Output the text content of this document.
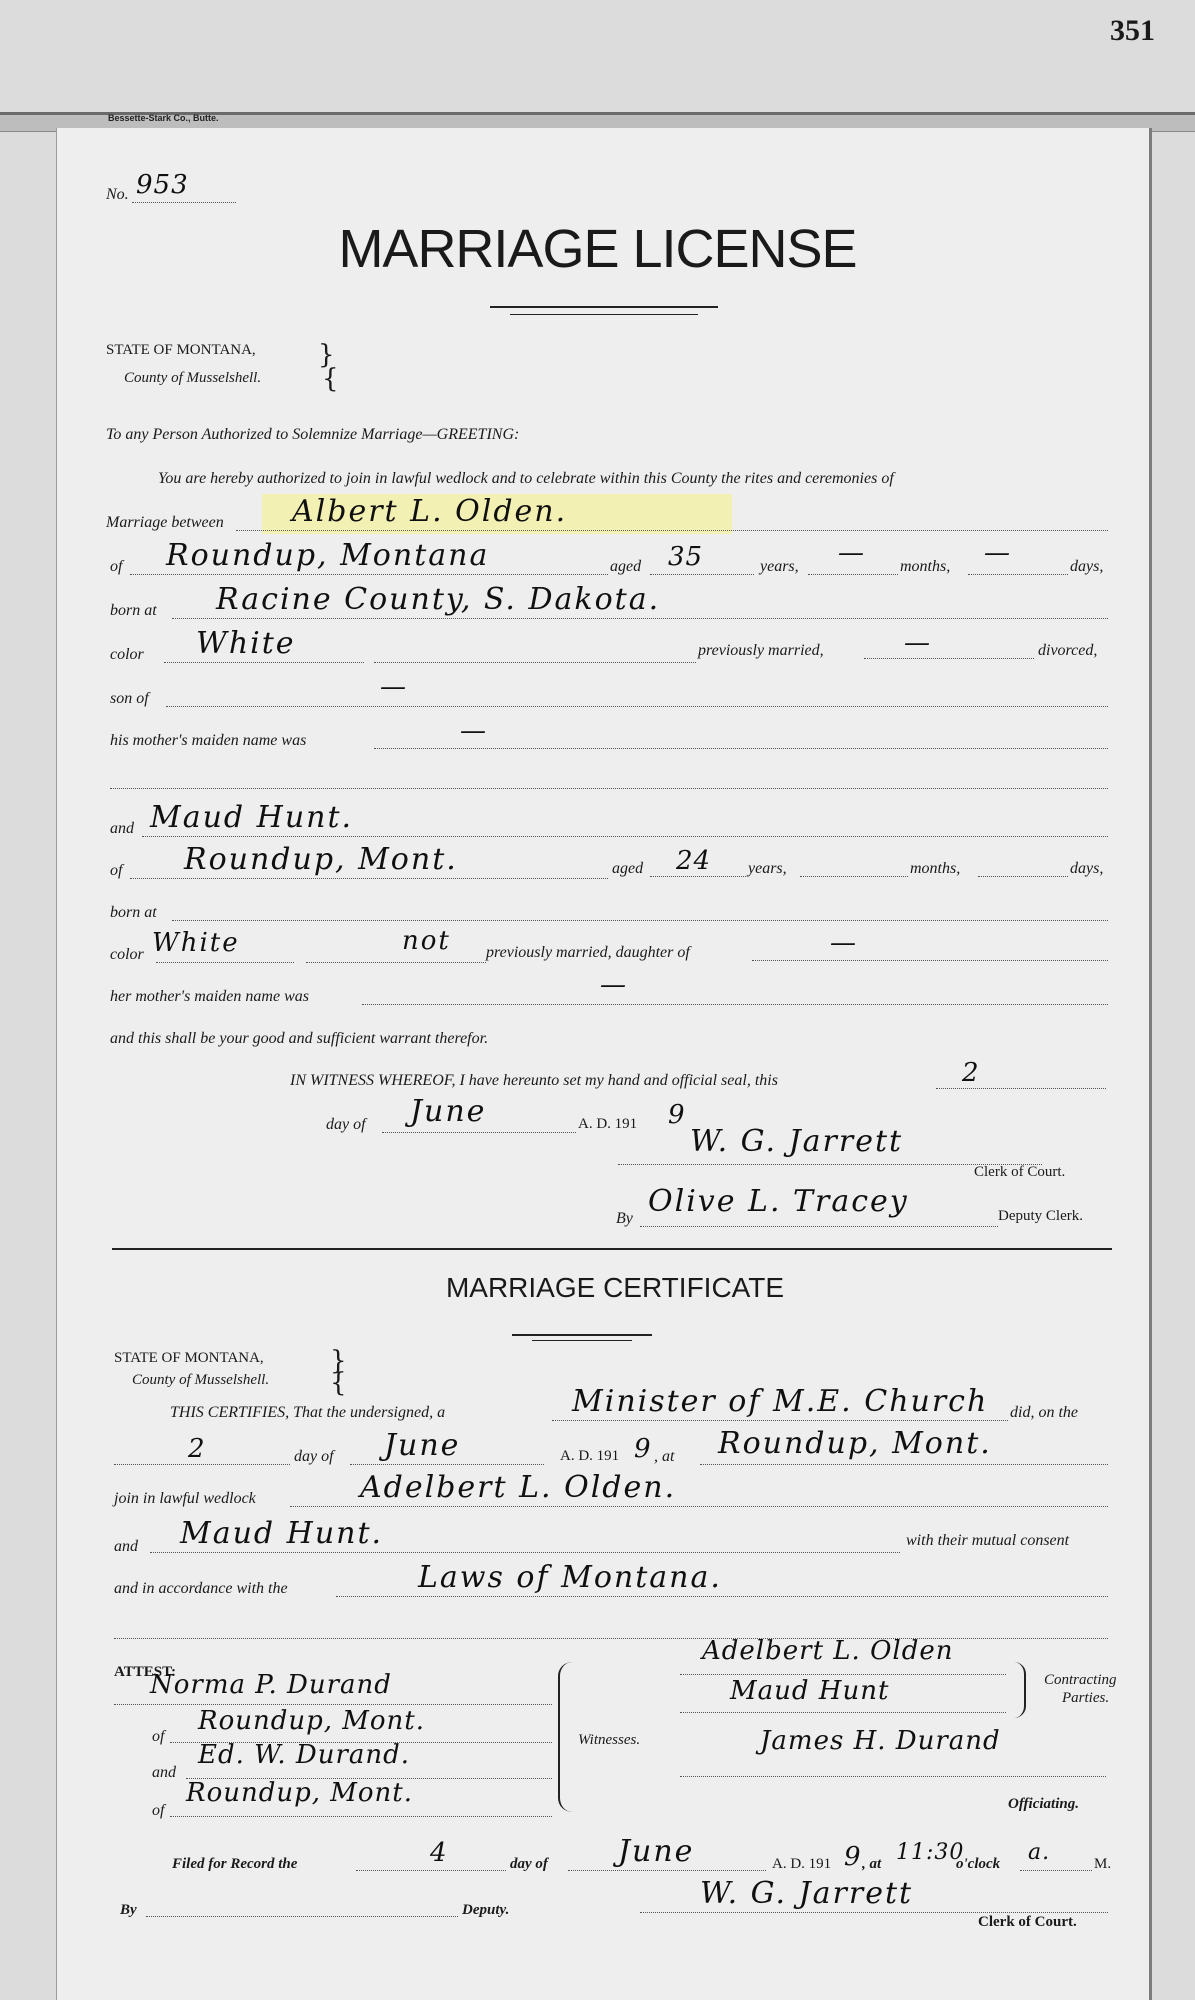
351
Bessette-Stark Co., Butte.
No. 953
MARRIAGE LICENSE
STATE OF MONTANA,
County of Musselshell.
}
{
To any Person Authorized to Solemnize Marriage—GREETING:
You are hereby authorized to join in lawful wedlock and to celebrate within this County the rites and ceremonies of
Marriage between Albert L. Olden.
of Roundup, Montana	aged 35	years, — months, —	days,
born at Racine County, S. Dakota.
color White	previously married,	—	divorced,
son of	—
his mother's maiden name was	—
and Maud Hunt.
of Roundup, Mont.	aged 24 years,	months,	days,
born at
color White	not previously married, daughter of	—
her mother's maiden name was	—
and this shall be your good and sufficient warrant therefor.
IN WITNESS WHEREOF, I have hereunto set my hand and official seal, this	2
day of June	A. D. 191 9
W. G. Jarrett
Clerk of Court.
By Olive L. Tracey	Deputy Clerk.
MARRIAGE CERTIFICATE
STATE OF MONTANA,
County of Musselshell.
}
{
THIS CERTIFIES, That the undersigned, a	Minister of M.E. Church did, on the
2	day of June	A. D. 191 9 , at Roundup, Mont.
join in lawful wedlock	Adelbert L. Olden.
and Maud Hunt.	with their mutual consent
and in accordance with the	Laws of Montana.
ATTEST:
Norma P. Durand
of
Roundup, Mont.
and
Ed. W. Durand.
of
Roundup, Mont.
Witnesses.
Adelbert L. Olden
Maud Hunt	Contracting
Parties.
James H. Durand
Officiating.
Filed for Record the	4	day of June	A. D. 191 9 , at 11:30
o'clock a.	M.
By	Deputy.	W. G. Jarrett
Clerk of Court.
